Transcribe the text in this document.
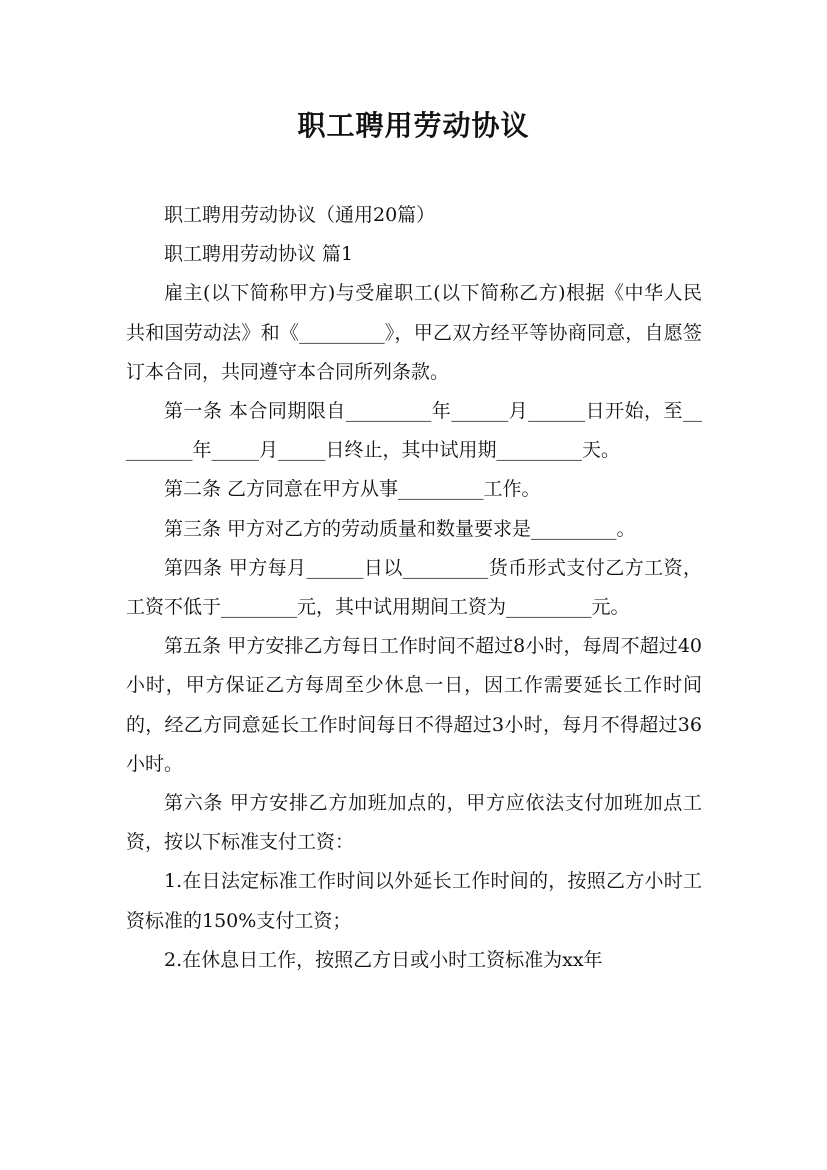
职工聘用劳动协议

职工聘用劳动协议（通用20篇）

职工聘用劳动协议 篇1

雇主(以下简称甲方)与受雇职工(以下简称乙方)根据《中华人民共和国劳动法》和《_________》，甲乙双方经平等协商同意，自愿签订本合同，共同遵守本合同所列条款。

第一条 本合同期限自_________年______月______日开始，至_________年_____月_____日终止，其中试用期_________天。

第二条 乙方同意在甲方从事_________工作。

第三条 甲方对乙方的劳动质量和数量要求是_________。

第四条 甲方每月______日以_________货币形式支付乙方工资，工资不低于________元，其中试用期间工资为_________元。

第五条 甲方安排乙方每日工作时间不超过8小时，每周不超过40小时，甲方保证乙方每周至少休息一日，因工作需要延长工作时间的，经乙方同意延长工作时间每日不得超过3小时，每月不得超过36小时。

第六条 甲方安排乙方加班加点的，甲方应依法支付加班加点工资，按以下标准支付工资：

1.在日法定标准工作时间以外延长工作时间的，按照乙方小时工资标准的150%支付工资；

2.在休息日工作，按照乙方日或小时工资标准为xx年
